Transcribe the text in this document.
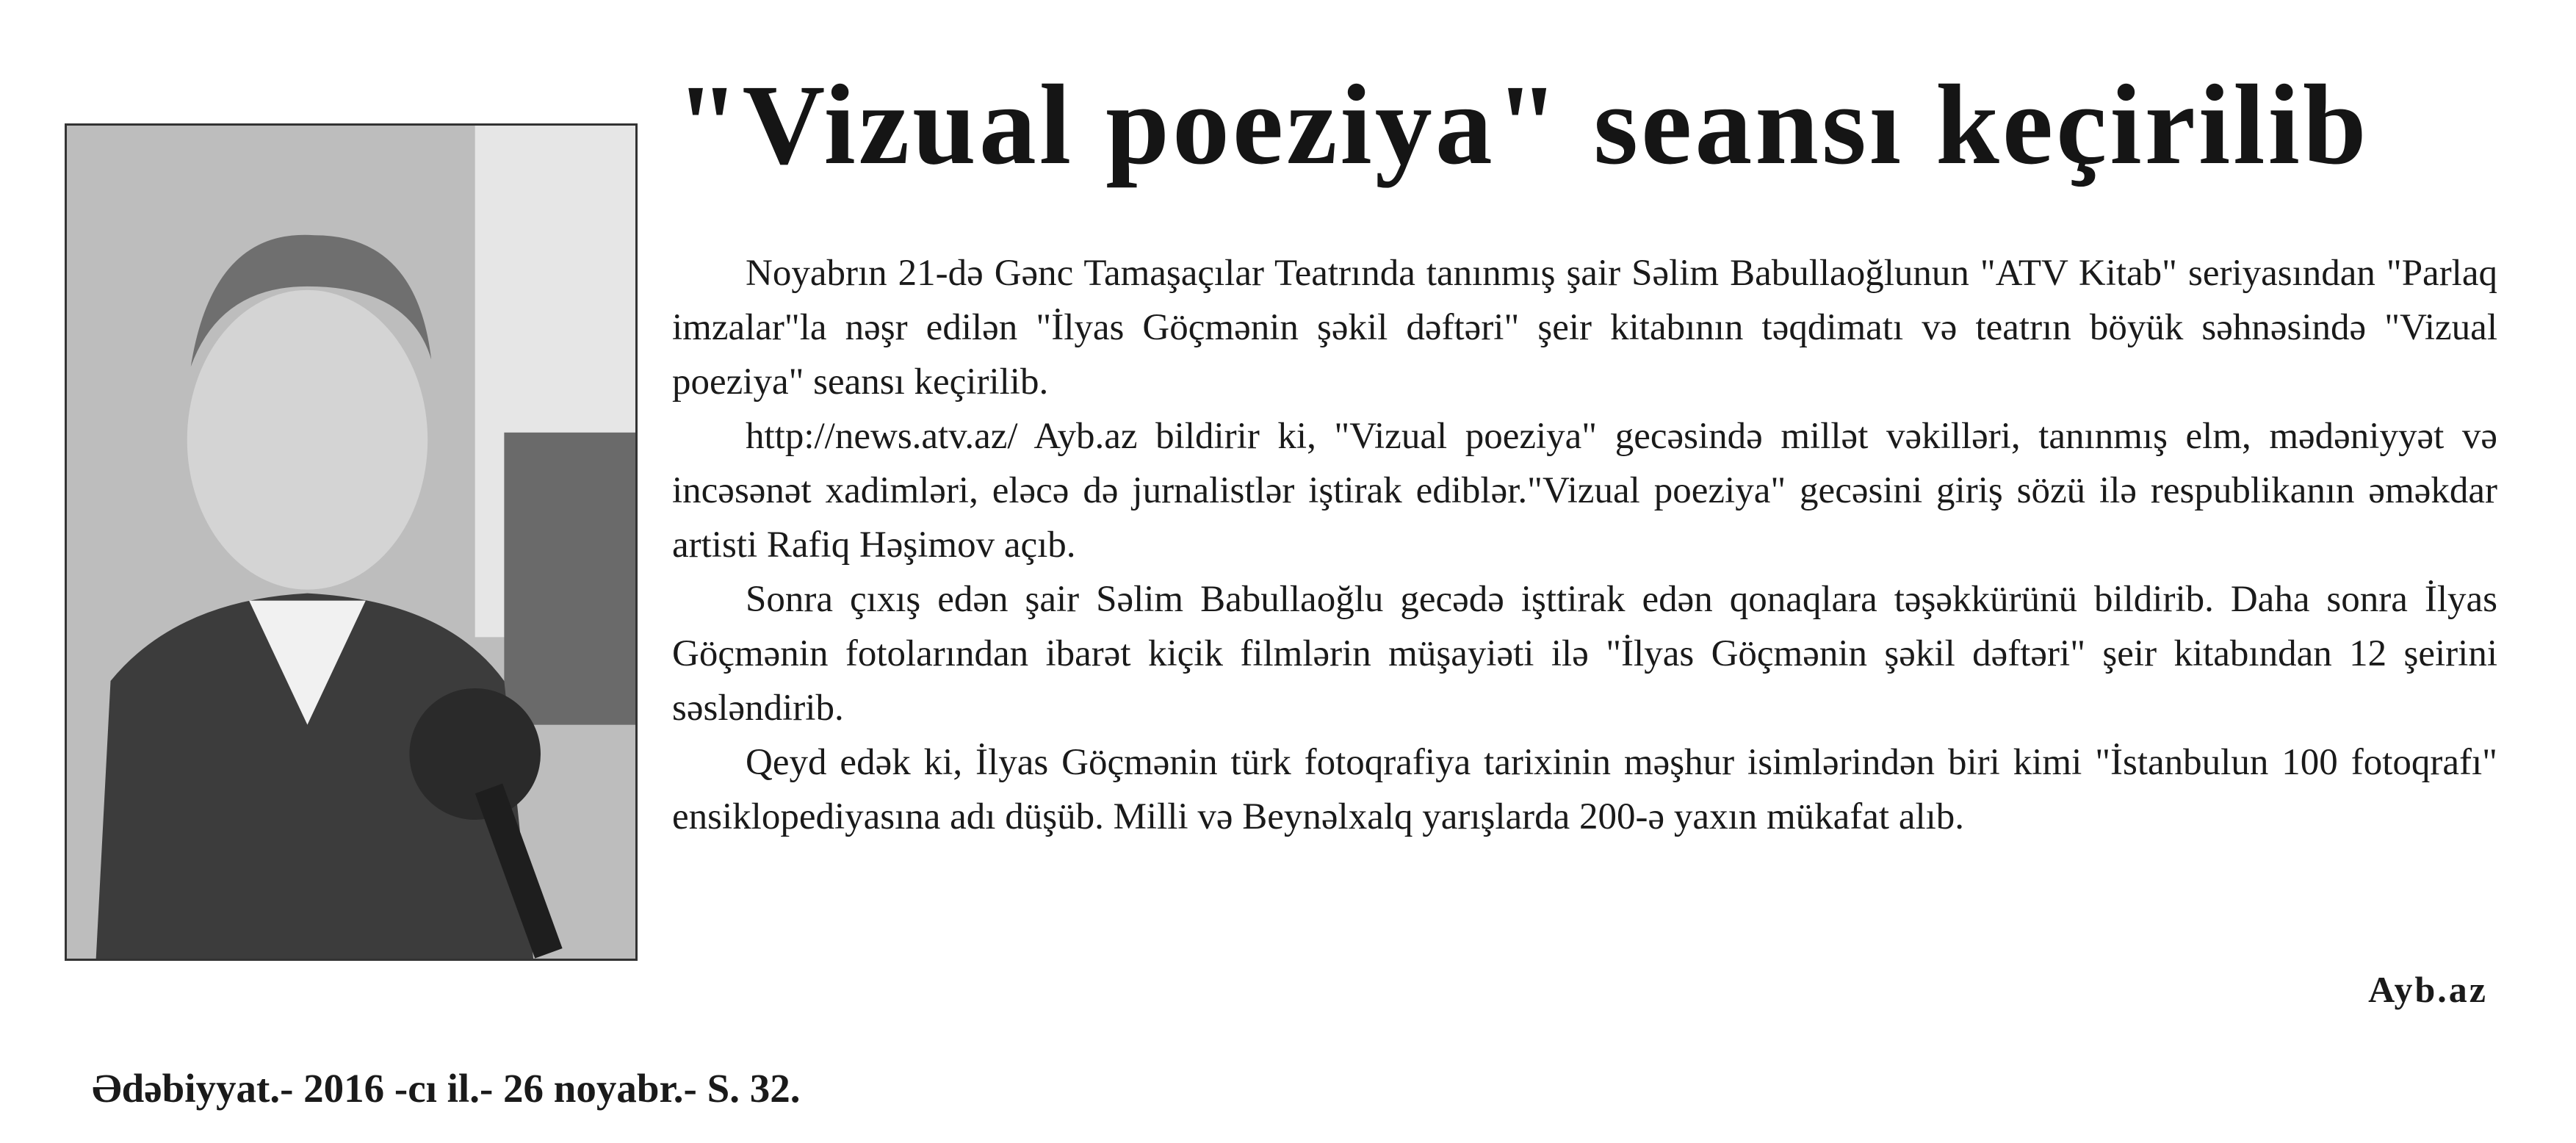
"Vizual poeziya" seansı keçirilib

Noyabrın 21-də Gənc Tamaşaçılar Teatrında tanınmış şair Səlim Babullaoğlunun "ATV Kitab" seriyasından "Parlaq imzalar"la nəşr edilən "İlyas Göçmənin şəkil dəftəri" şeir kitabının təqdimatı və teatrın böyük səhnəsində "Vizual poeziya" seansı keçirilib.

http://news.atv.az/ Ayb.az bildirir ki, "Vizual poeziya" gecəsində millət vəkilləri, tanınmış elm, mədəniyyət və incəsənət xadimləri, eləcə də jurnalistlər iştirak ediblər."Vizual poeziya" gecəsini giriş sözü ilə respublikanın əməkdar artisti Rafiq Həşimov açıb.

Sonra çıxış edən şair Səlim Babullaoğlu gecədə işttirak edən qonaqlara təşəkkürünü bildirib. Daha sonra İlyas Göçmənin fotolarından ibarət kiçik filmlərin müşayiəti ilə "İlyas Göçmənin şəkil dəftəri" şeir kitabından 12 şeirini səsləndirib.

Qeyd edək ki, İlyas Göçmənin türk fotoqrafiya tarixinin məşhur isimlərindən biri kimi "İstanbulun 100 fotoqrafı" ensiklopediyasına adı düşüb. Milli və Beynəlxalq yarışlarda 200-ə yaxın mükafat alıb.

Ayb.az
Ədəbiyyat.- 2016 -cı il.- 26 noyabr.- S. 32.
